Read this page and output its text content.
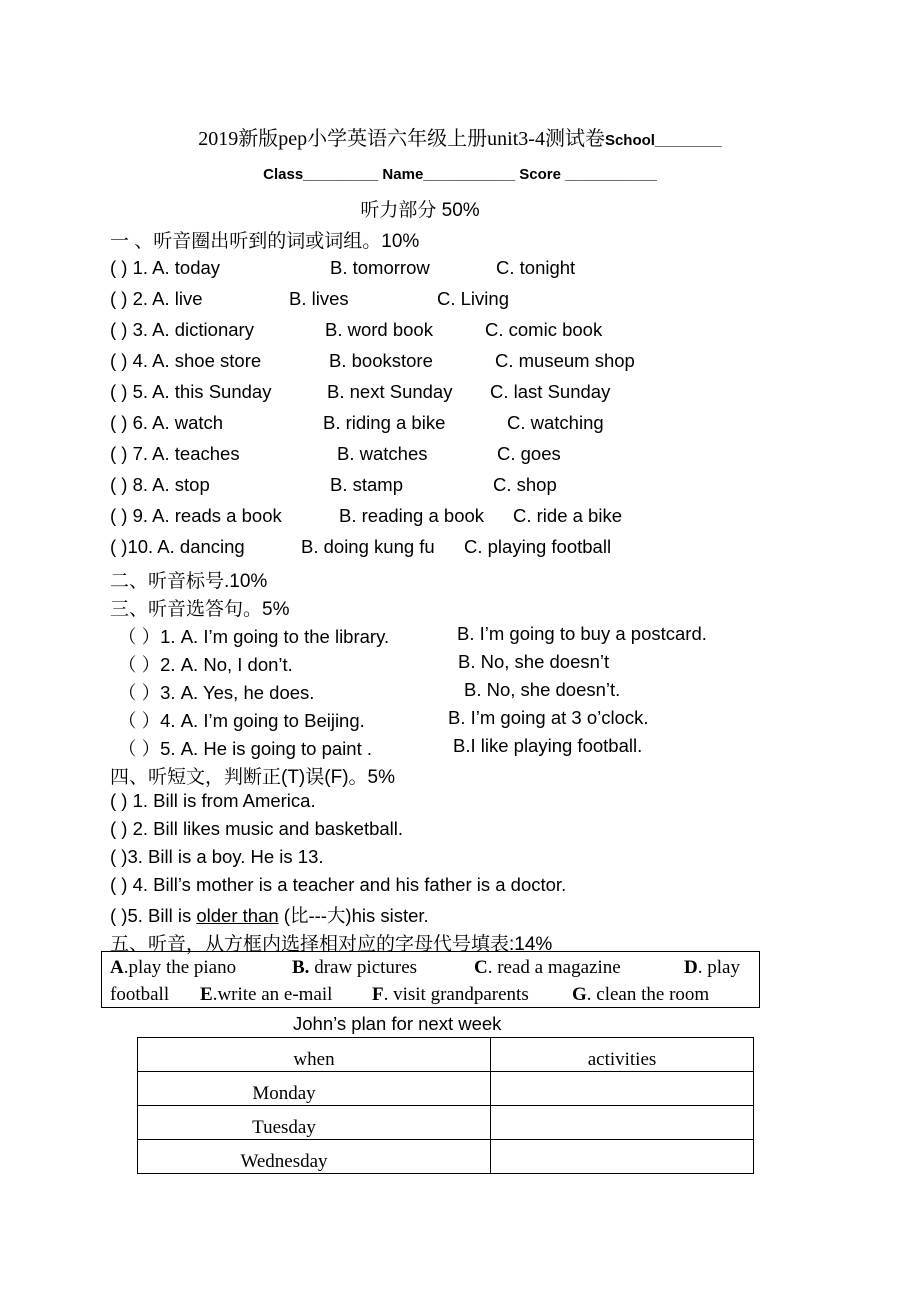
2019新版pep小学英语六年级上册unit3-4测试卷School________
Class_________ Name___________ Score ___________
听力部分 50%
一 、听音圈出听到的词或词组。10%
( ) 1. A. today	B. tomorrow	C. tonight
( ) 2. A. live	B. lives	C. Living
( ) 3. A. dictionary	B. word book	C. comic book
( ) 4. A. shoe store	B. bookstore	C. museum shop
( ) 5. A. this Sunday	B. next Sunday C. last Sunday
( ) 6. A. watch	B. riding a bike	C. watching
( ) 7. A. teaches	B. watches	C. goes
( ) 8. A. stop	B. stamp	C. shop
( ) 9. A. reads a book	B. reading a book C. ride a bike
( )10. A. dancing	B. doing kung fu C. playing football
二、听音标号.10%
三、听音选答句。5%
（ ）1. A. I’m going to the library.	B. I’m going to buy a postcard.
（ ）2. A. No, I don’t.	B. No, she doesn’t
（ ）3. A. Yes, he does.	B. No, she doesn’t.
（ ）4. A. I’m going to Beijing.	B. I’m going at 3 o’clock.
（ ）5. A. He is going to paint .	B.I like playing football.
四、听短文，判断正(T)误(F)。5%
( ) 1. Bill is from America.
( ) 2. Bill likes music and basketball.
( )3. Bill is a boy. He is 13.
( ) 4. Bill’s mother is a teacher and his father is a doctor.
( )5. Bill is older than (比---大)his sister.
五、听音，从方框内选择相对应的字母代号填表:14%
A.play the piano	B. draw pictures	C. read a magazine	D. play
football E.write an e-mail F. visit grandparents G. clean the room
John’s plan for next week
when	activities
Monday	
Tuesday	
Wednesday	
